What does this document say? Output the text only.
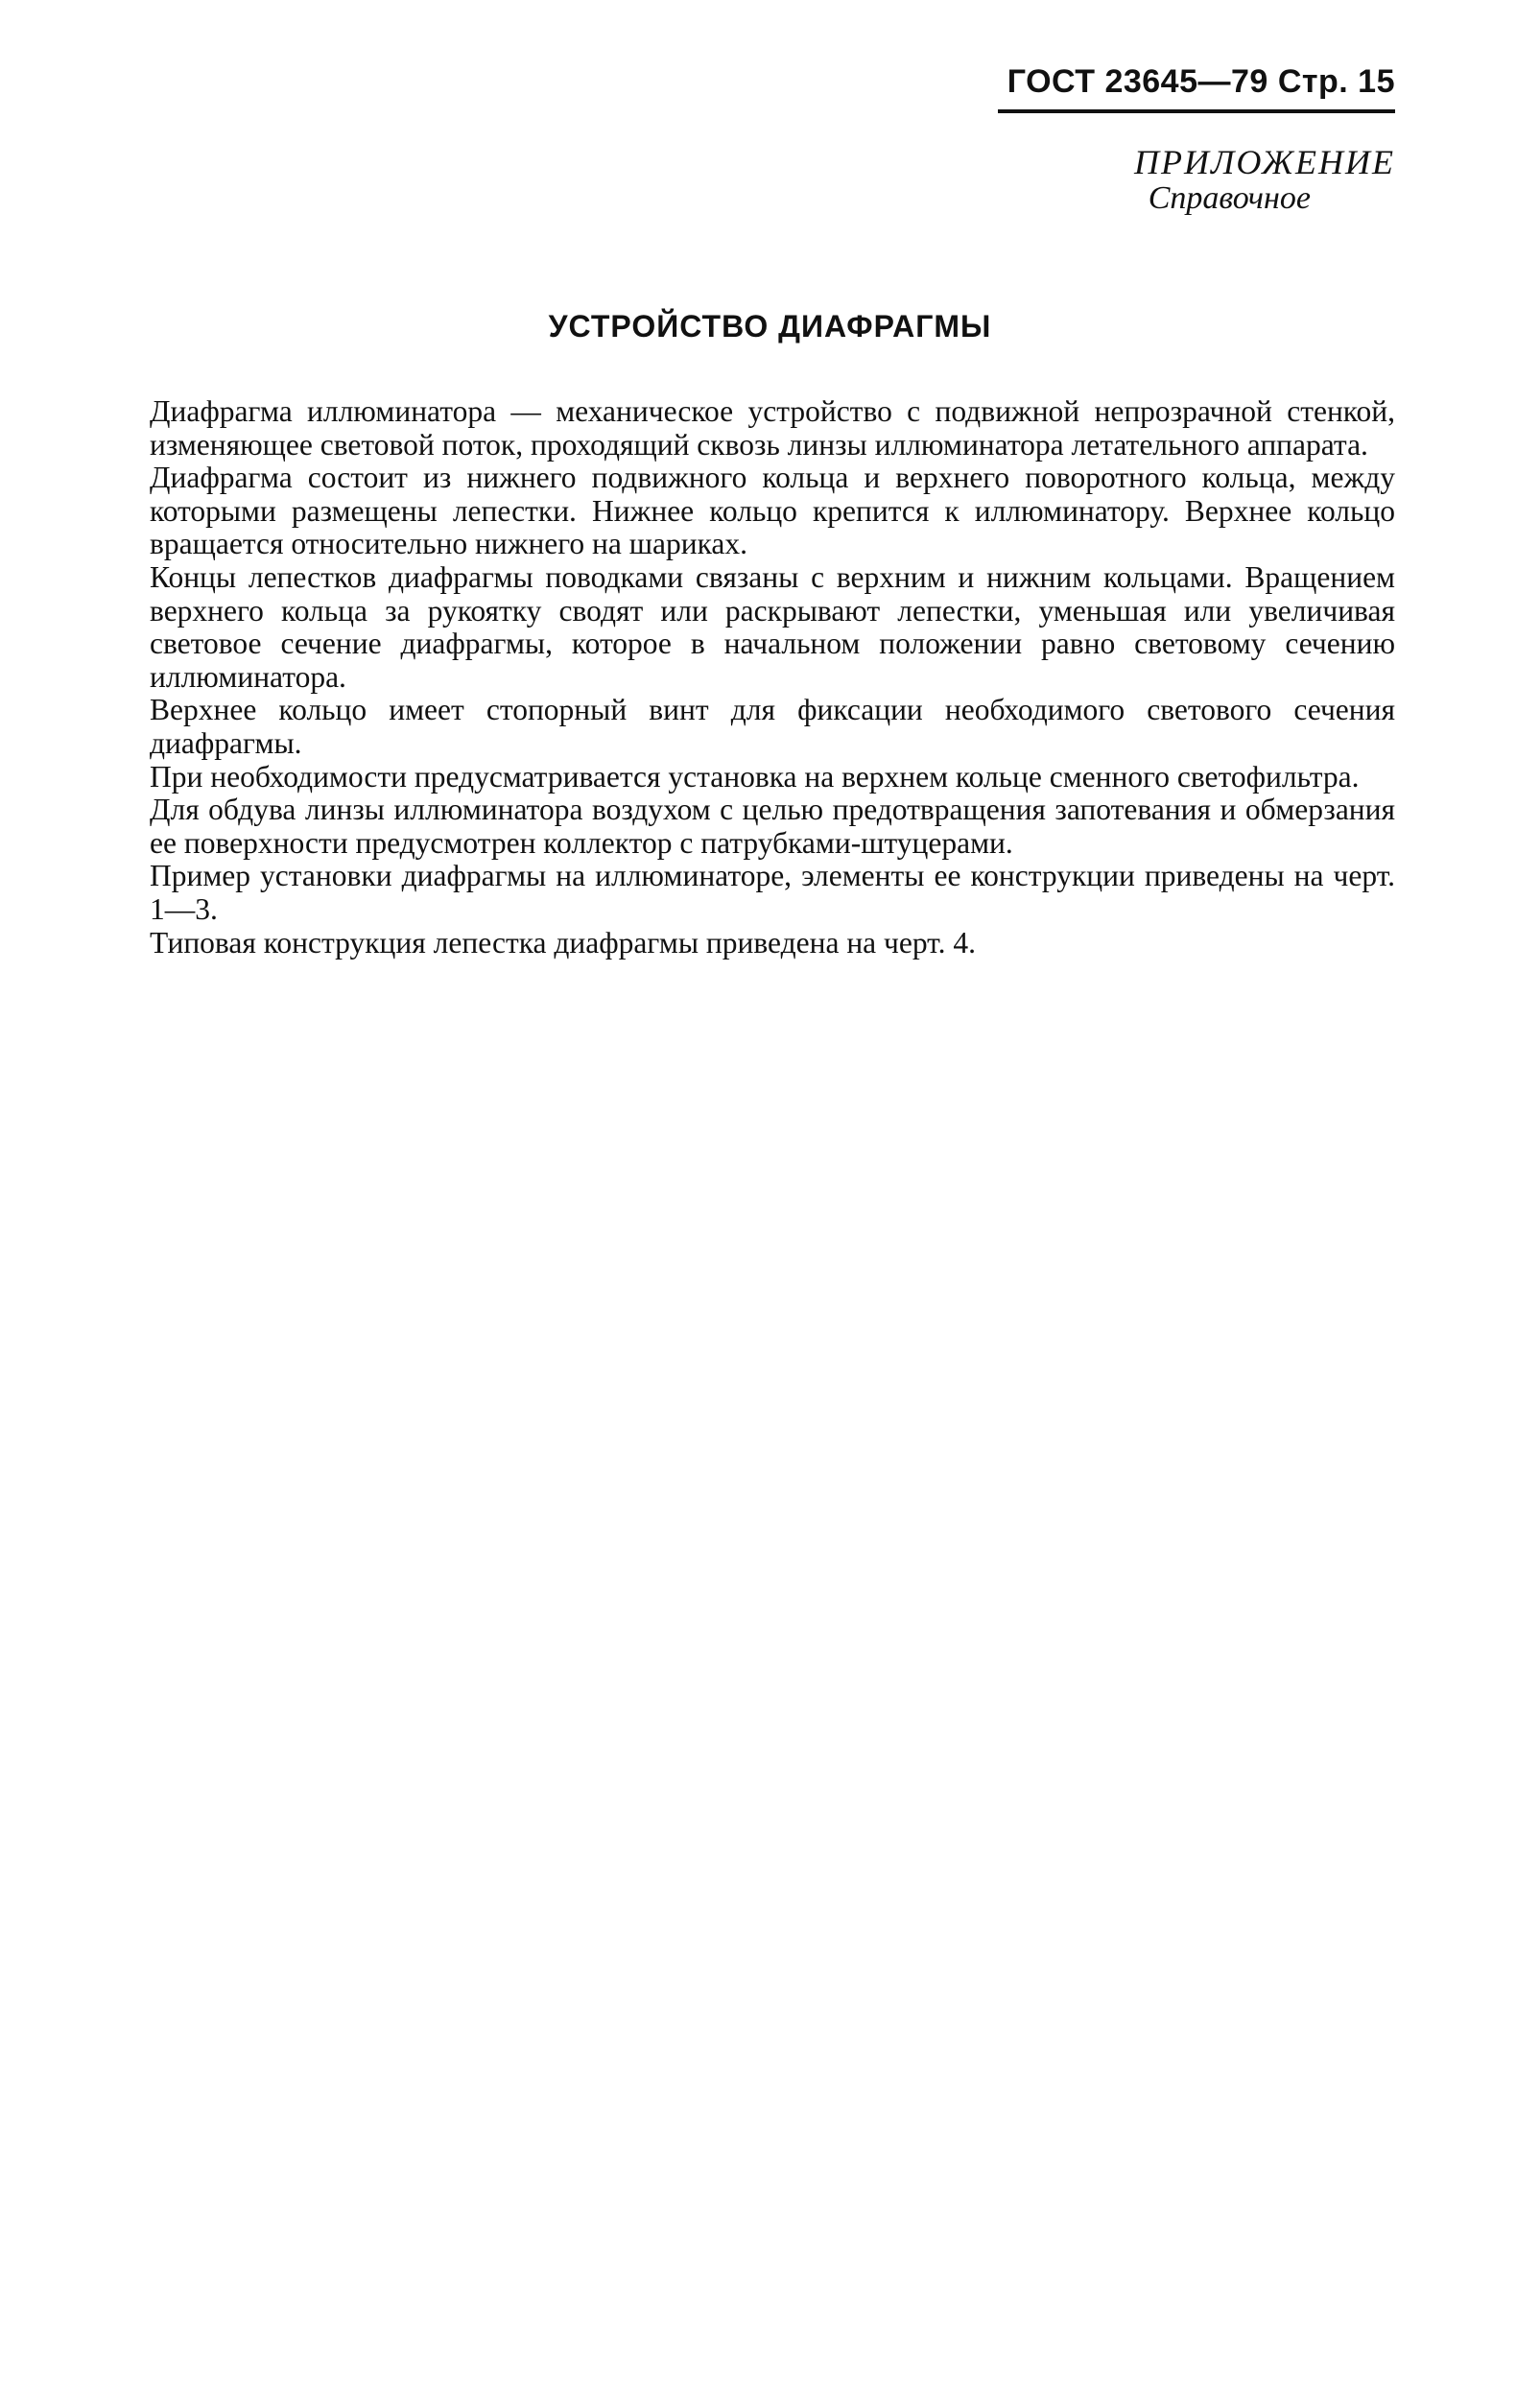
ГОСТ 23645—79 Стр. 15
ПРИЛОЖЕНИЕ
Справочное
УСТРОЙСТВО ДИАФРАГМЫ

Диафрагма иллюминатора — механическое устройство с подвижной непрозрачной стенкой, изменяющее световой поток, проходящий сквозь линзы иллюминатора летательного аппарата.

Диафрагма состоит из нижнего подвижного кольца и верхнего поворотного кольца, между которыми размещены лепестки. Нижнее кольцо крепится к иллюминатору. Верхнее кольцо вращается относительно нижнего на шариках.

Концы лепестков диафрагмы поводками связаны с верхним и нижним кольцами. Вращением верхнего кольца за рукоятку сводят или раскрывают лепестки, уменьшая или увеличивая световое сечение диафрагмы, которое в начальном положении равно световому сечению иллюминатора.

Верхнее кольцо имеет стопорный винт для фиксации необходимого светового сечения диафрагмы.

При необходимости предусматривается установка на верхнем кольце сменного светофильтра.

Для обдува линзы иллюминатора воздухом с целью предотвращения запотевания и обмерзания ее поверхности предусмотрен коллектор с патрубками-штуцерами.

Пример установки диафрагмы на иллюминаторе, элементы ее конструкции приведены на черт. 1—3.

Типовая конструкция лепестка диафрагмы приведена на черт. 4.
